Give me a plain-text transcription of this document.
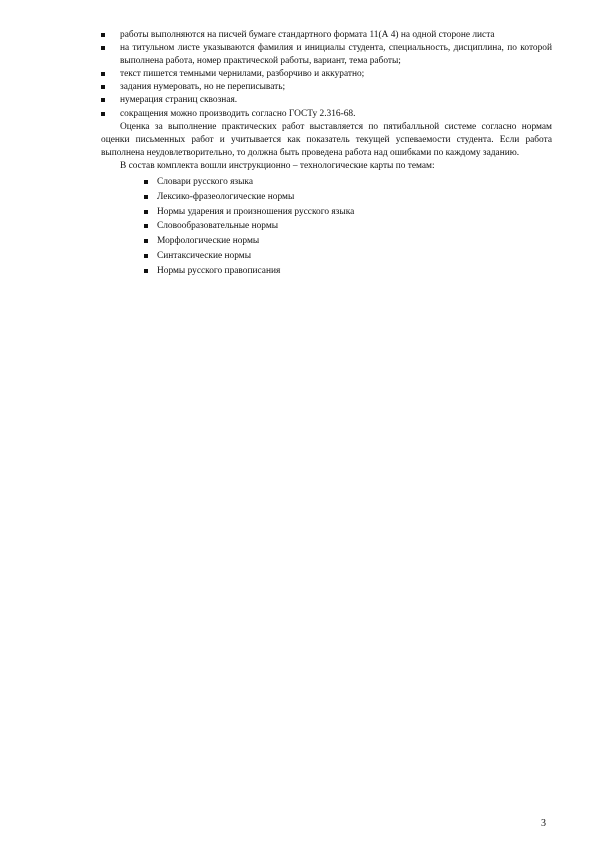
работы выполняются на писчей бумаге стандартного формата 11(А 4) на одной стороне листа
на титульном листе указываются фамилия и инициалы студента, специальность, дисциплина, по которой выполнена работа, номер практической работы, вариант, тема работы;
текст пишется темными чернилами, разборчиво и аккуратно;
задания нумеровать, но не переписывать;
нумерация страниц сквозная.
сокращения можно производить согласно ГОСТу 2.316-68.

Оценка за выполнение практических работ выставляется по пятибалльной системе согласно нормам оценки письменных работ и учитывается как показатель текущей успеваемости студента. Если работа выполнена неудовлетворительно, то должна быть проведена работа над ошибками по каждому заданию.

В состав комплекта вошли инструкционно – технологические карты по темам:

Словари русского языка
Лексико-фразеологические нормы
Нормы ударения и произношения русского языка
Словообразовательные нормы
Морфологические нормы
Синтаксические нормы
Нормы русского правописания
3
